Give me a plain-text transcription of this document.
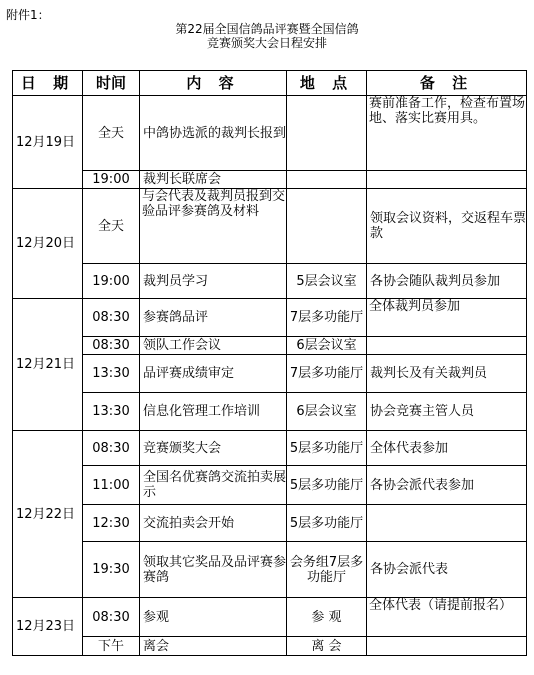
附件1：
第22届全国信鸽品评赛暨全国信鸽
竞赛颁奖大会日程安排
日 期	时间	内 容	地 点	备 注
12月19日	全天	中鸽协选派的裁判长报到		赛前准备工作，检查布置场地、落实比赛用具。
	19:00	裁判长联席会		
12月20日	全天	与会代表及裁判员报到交验品评参赛鸽及材料		领取会议资料，交返程车票款
	19:00	裁判员学习	5层会议室	各协会随队裁判员参加
12月21日	08:30	参赛鸽品评	7层多功能厅	全体裁判员参加
	08:30	领队工作会议	6层会议室	
	13:30	品评赛成绩审定	7层多功能厅	裁判长及有关裁判员
	13:30	信息化管理工作培训	6层会议室	协会竞赛主管人员
12月22日	08:30	竞赛颁奖大会	5层多功能厅	全体代表参加
	11:00	全国名优赛鸽交流拍卖展示	5层多功能厅	各协会派代表参加
	12:30	交流拍卖会开始	5层多功能厅	
	19:30	领取其它奖品及品评赛参赛鸽	会务组7层多功能厅	各协会派代表
12月23日	08:30	参观	参 观	全体代表（请提前报名）
	下午	离会	离 会	
